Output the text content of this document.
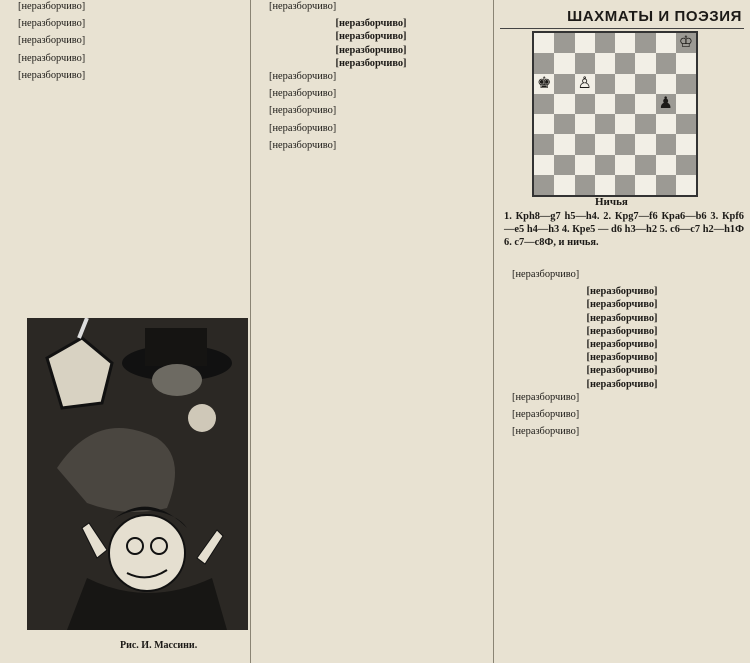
ШАХМАТЫ И ПОЭЗИЯ

[неразборчиво]

[неразборчиво]

[неразборчиво]

[неразборчиво]

[неразборчиво]

Рис. И. Массини.

[неразборчиво]

[неразборчиво]

[неразборчиво]

[неразборчиво]

[неразборчиво]

[неразборчиво]

[неразборчиво]

[неразборчиво]

[неразборчиво]

[неразборчиво]

♔
♚ ♙
♟
Ничья
1. Крh8—g7 h5—h4. 2. Крg7—f6 Крa6—b6 3. Крf6—e5 h4—h3 4. Крe5 — d6 h3—h2 5. c6—c7 h2—h1Ф 6. c7—c8Ф, и ничья.

[неразборчиво]

[неразборчиво]

[неразборчиво]

[неразборчиво]

[неразборчиво]

[неразборчиво]

[неразборчиво]

[неразборчиво]

[неразборчиво]

[неразборчиво]

[неразборчиво]

[неразборчиво]
